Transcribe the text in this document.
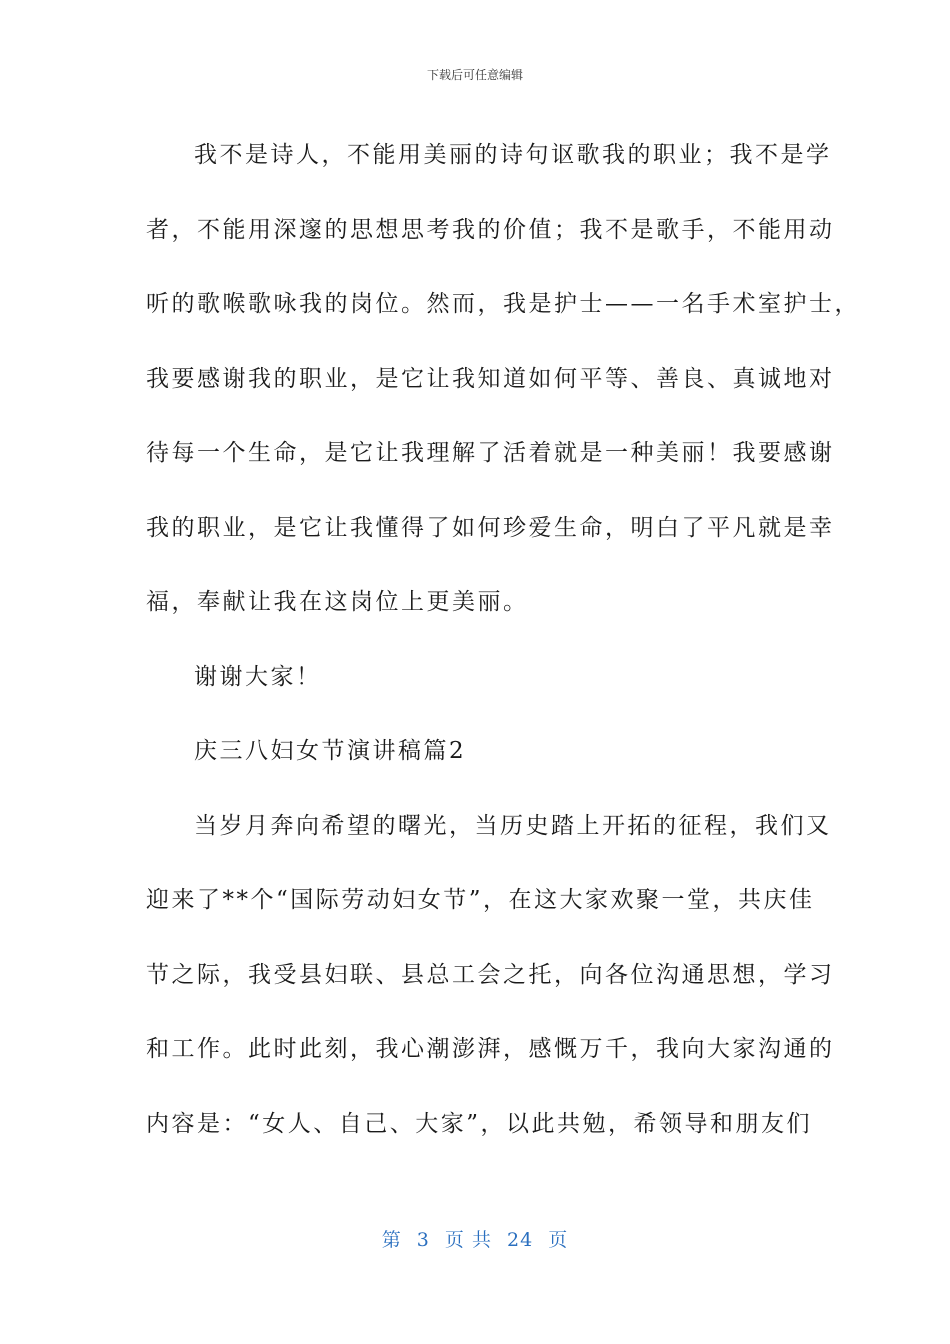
下载后可任意编辑
我不是诗人，不能用美丽的诗句讴歌我的职业；我不是学
者，不能用深邃的思想思考我的价值；我不是歌手，不能用动
听的歌喉歌咏我的岗位。然而，我是护士——一名手术室护士，
我要感谢我的职业，是它让我知道如何平等、善良、真诚地对
待每一个生命，是它让我理解了活着就是一种美丽！我要感谢
我的职业，是它让我懂得了如何珍爱生命，明白了平凡就是幸
福，奉献让我在这岗位上更美丽。
谢谢大家！
庆三八妇女节演讲稿篇2
当岁月奔向希望的曙光，当历史踏上开拓的征程，我们又
迎来了**个“国际劳动妇女节”，在这大家欢聚一堂，共庆佳
节之际，我受县妇联、县总工会之托，向各位沟通思想，学习
和工作。此时此刻，我心潮澎湃，感慨万千，我向大家沟通的
内容是：“女人、自己、大家”，以此共勉，希领导和朋友们
第 3 页 共 24 页
